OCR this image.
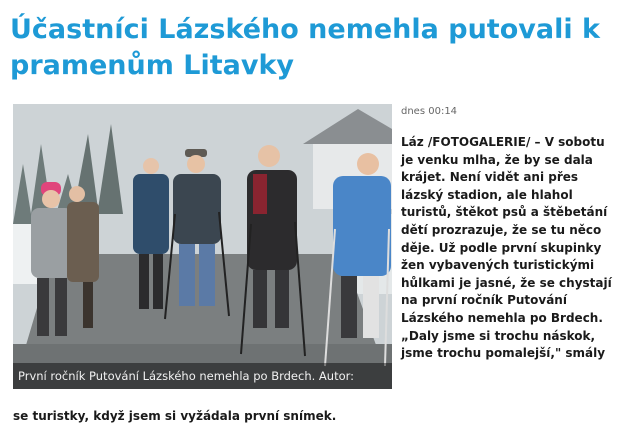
Účastníci Lázského nemehla putovali k pramenům Litavky
První ročník Putování Lázského nemehla po Brdech. Autor:
dnes 00:14

Láz /FOTOGALERIE/ – V sobotu je venku mlha, že by se dala krájet. Není vidět ani přes lázský stadion, ale hlahol turistů, štěkot psů a štěbetání dětí prozrazuje, že se tu něco děje. Už podle první skupinky žen vybavených turistickými hůlkami je jasné, že se chystají na první ročník Putování Lázského nemehla po Brdech. „Daly jsme si trochu náskok, jsme trochu pomalejší," smály

se turistky, když jsem si vyžádala první snímek.
